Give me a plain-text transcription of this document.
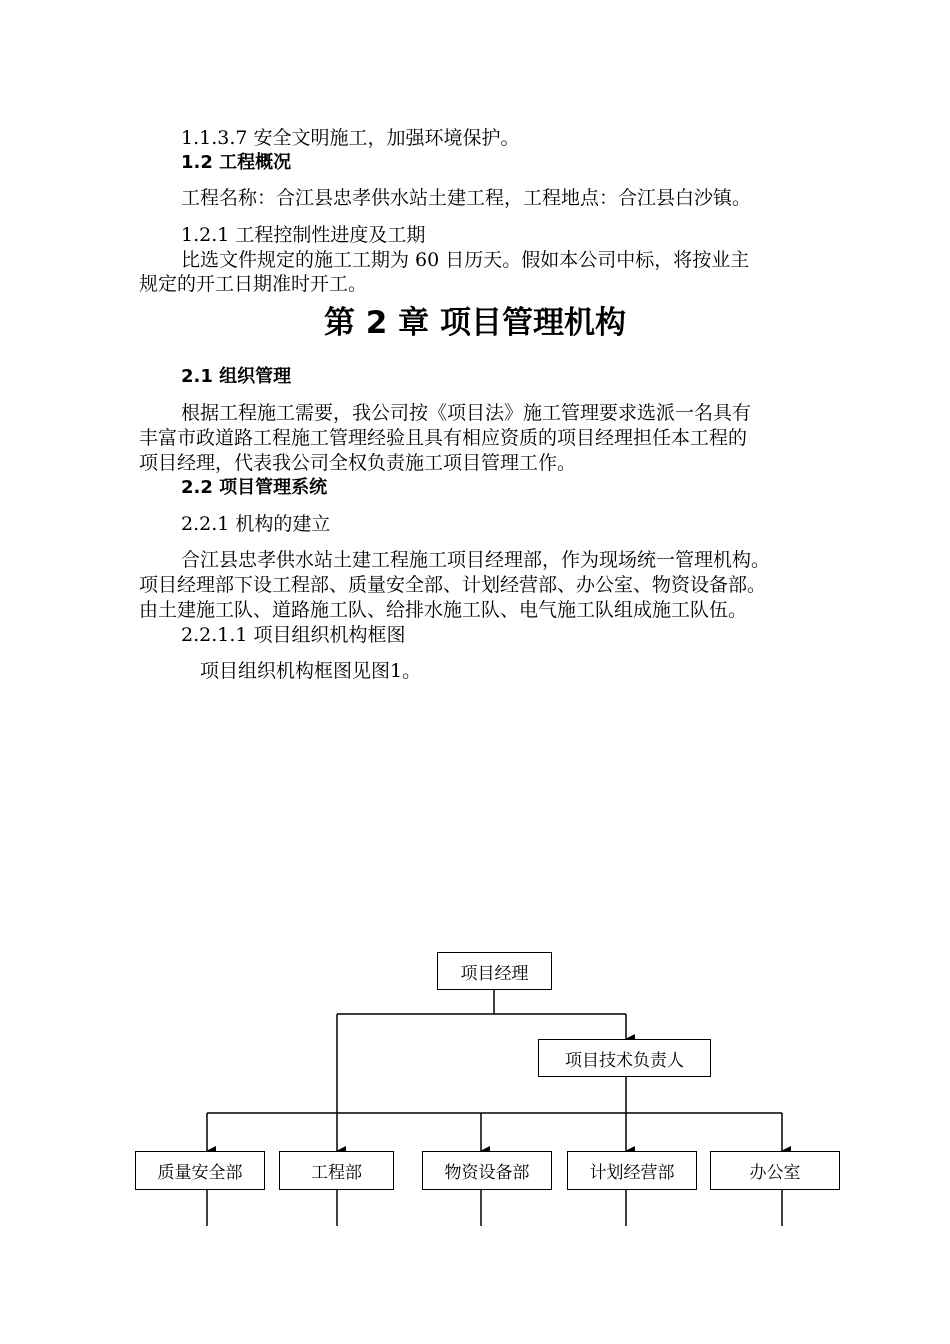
1.1.3.7 安全文明施工，加强环境保护。
1.2 工程概况
工程名称：合江县忠孝供水站土建工程，工程地点：合江县白沙镇。
1.2.1 工程控制性进度及工期
比选文件规定的施工工期为 60 日历天。假如本公司中标，将按业主
规定的开工日期准时开工。
第 2 章 项目管理机构
2.1 组织管理
根据工程施工需要，我公司按《项目法》施工管理要求选派一名具有
丰富市政道路工程施工管理经验且具有相应资质的项目经理担任本工程的
项目经理，代表我公司全权负责施工项目管理工作。
2.2 项目管理系统
2.2.1 机构的建立
合江县忠孝供水站土建工程施工项目经理部，作为现场统一管理机构。
项目经理部下设工程部、质量安全部、计划经营部、办公室、物资设备部。
由土建施工队、道路施工队、给排水施工队、电气施工队组成施工队伍。
2.2.1.1 项目组织机构框图
项目组织机构框图见图1。
项目经理
项目技术负责人
质量安全部	工程部	物资设备部	计划经营部	办公室
